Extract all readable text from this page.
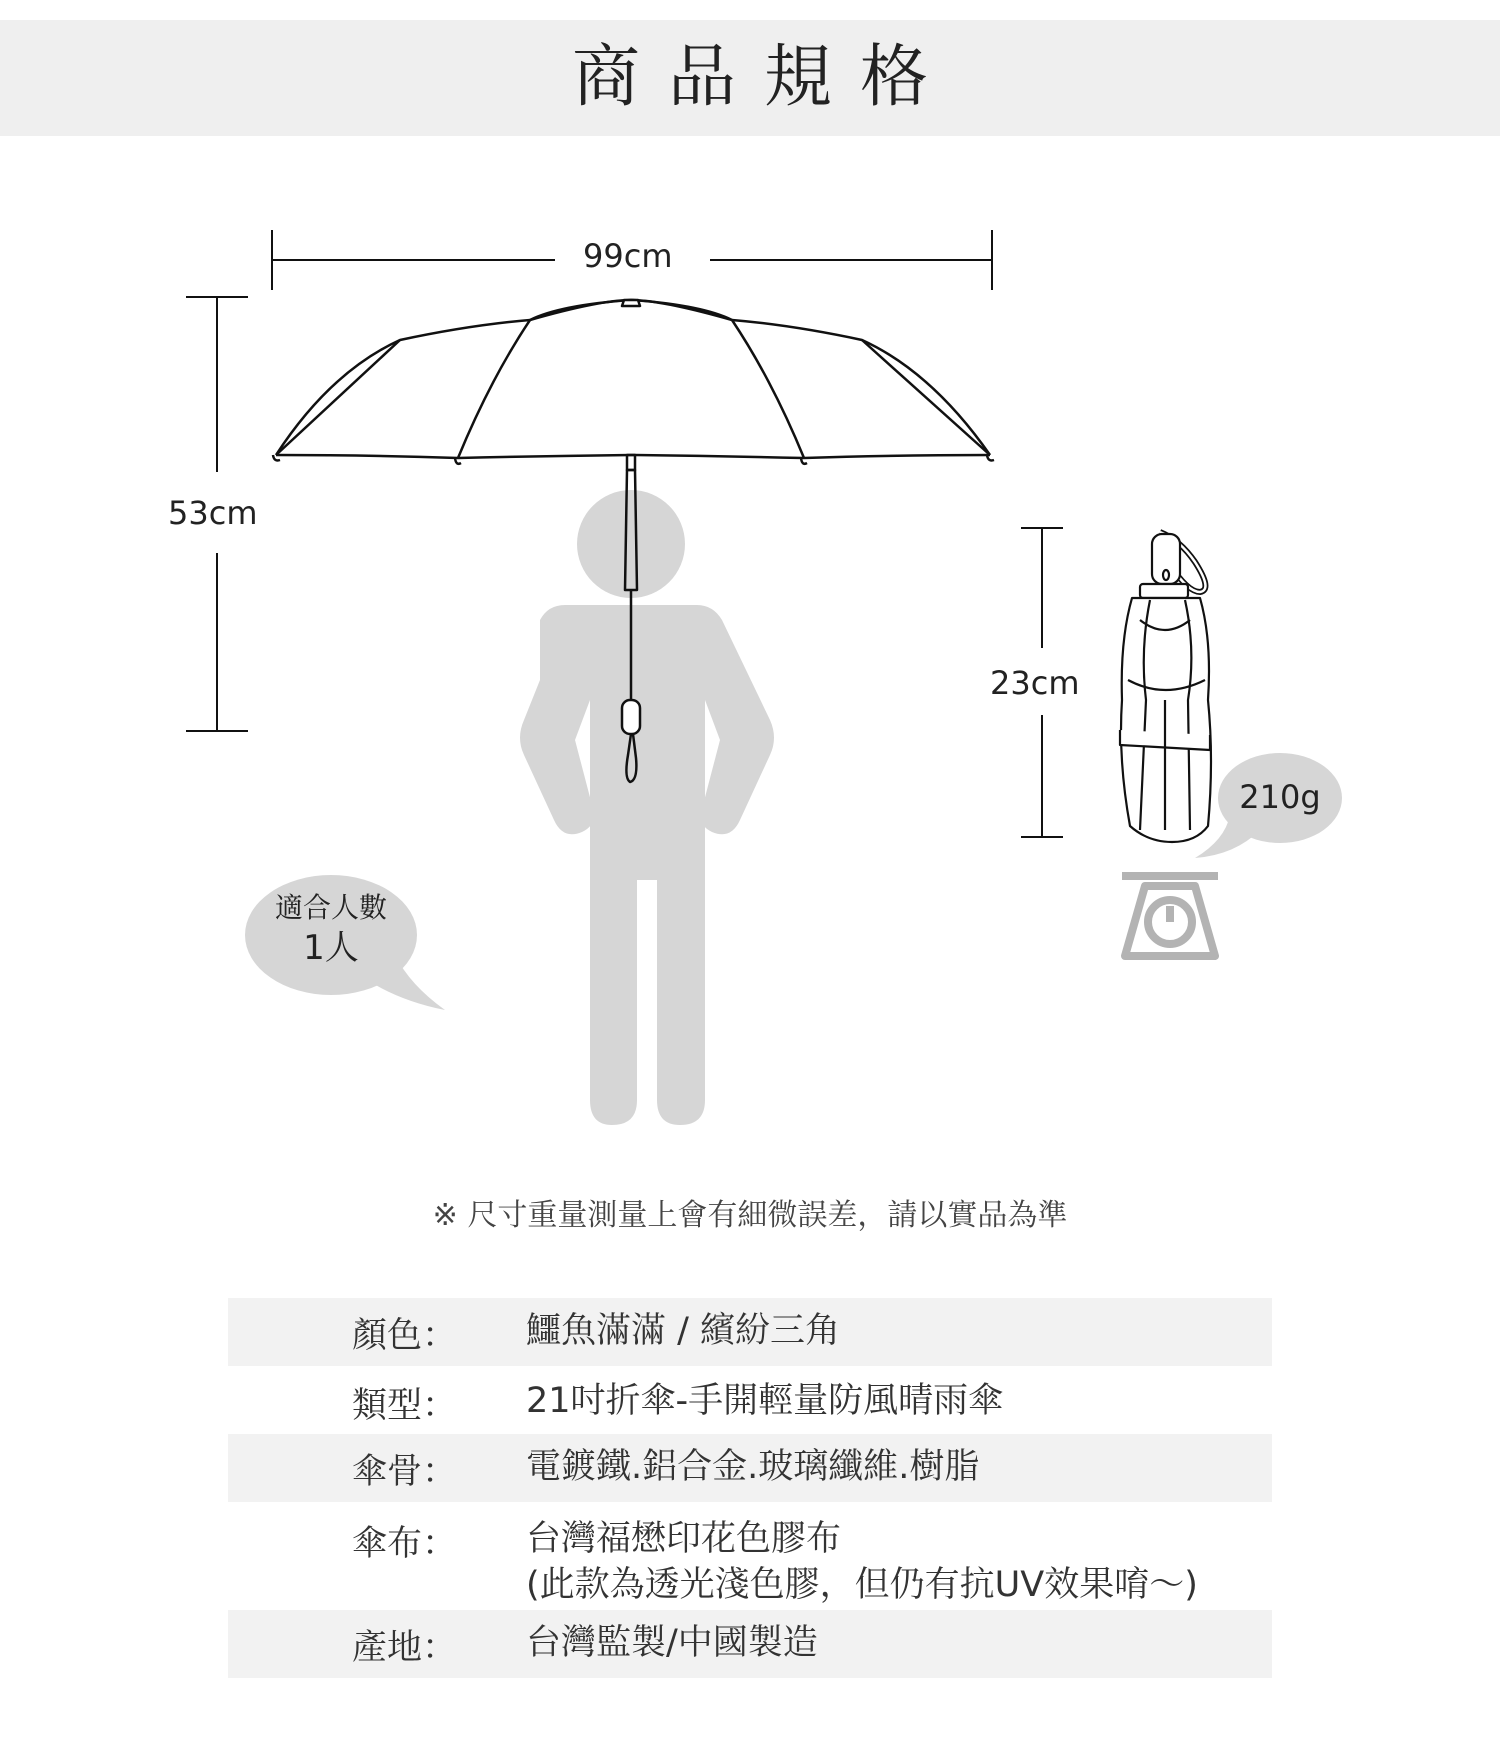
商品規格
99cm
53cm
23cm
210g
適合人數
1人
※ 尺寸重量測量上會有細微誤差，請以實品為準
顏色：	鱷魚滿滿 / 繽紛三角
類型：	21吋折傘-手開輕量防風晴雨傘
傘骨：	電鍍鐵.鋁合金.玻璃纖維.樹脂
傘布：	台灣福懋印花色膠布
(此款為透光淺色膠，但仍有抗UV效果唷～)
產地：	台灣監製/中國製造
